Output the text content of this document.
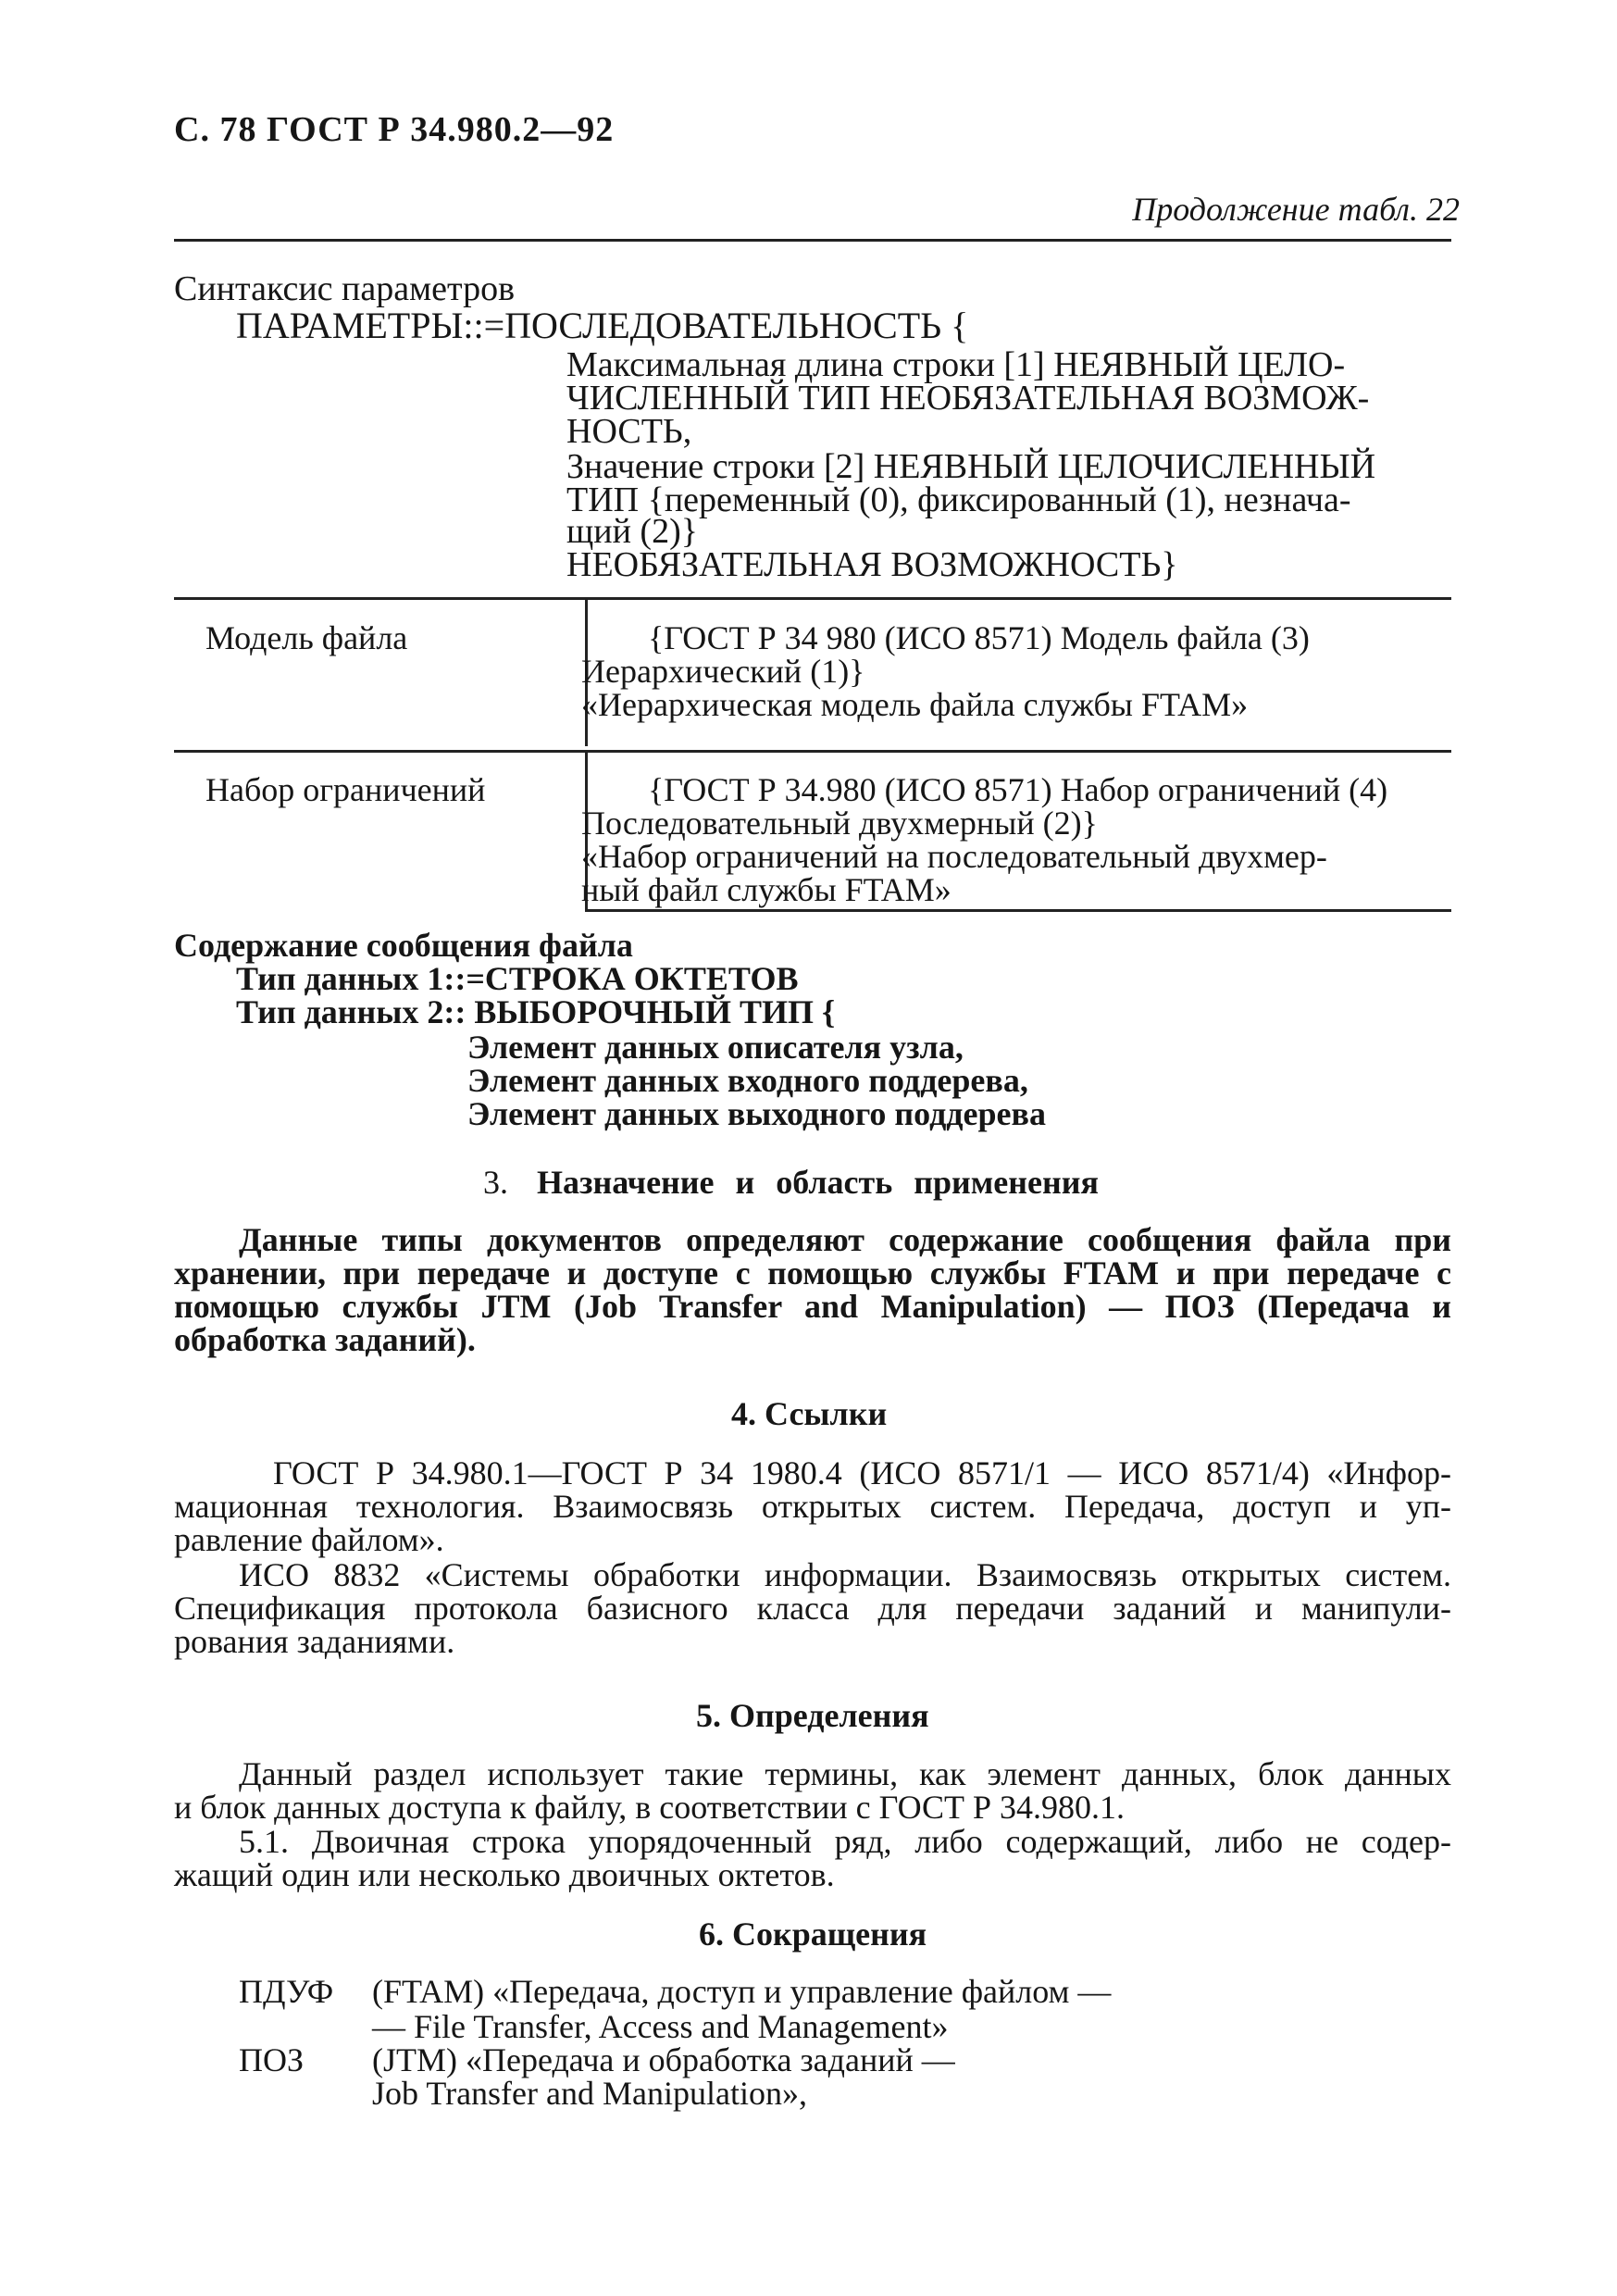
С. 78 ГОСТ Р 34.980.2—92
Продолжение табл. 22
Синтаксис параметров
ПАРАМЕТРЫ::=ПОСЛЕДОВАТЕЛЬНОСТЬ {
Максимальная длина строки [1] НЕЯВНЫЙ ЦЕЛО-
ЧИСЛЕННЫЙ ТИП НЕОБЯЗАТЕЛЬНАЯ ВОЗМОЖ-
НОСТЬ,
Значение строки [2] НЕЯВНЫЙ ЦЕЛОЧИСЛЕННЫЙ
ТИП {переменный (0), фиксированный (1), незнача-
щий (2)}
НЕОБЯЗАТЕЛЬНАЯ ВОЗМОЖНОСТЬ}
Модель файла	{ГОСТ Р 34 980 (ИСО 8571) Модель файла (3)
Иерархический (1)}
«Иерархическая модель файла службы FTAM»
Набор ограничений	{ГОСТ Р 34.980 (ИСО 8571) Набор ограничений (4)
Последовательный двухмерный (2)}
«Набор ограничений на последовательный двухмер-
ный файл службы FTAM»
Содержание сообщения файла
Тип данных 1::=СТРОКА ОКТЕТОВ
Тип данных 2:: ВЫБОРОЧНЫЙ ТИП {
Элемент данных описателя узла,
Элемент данных входного поддерева,
Элемент данных выходного поддерева
3. Назначение и область применения
Данные типы документов определяют содержание сообщения файла при
хранении, при передаче и доступе с помощью службы FTAM и при передаче с
помощью службы JTM (Job Transfer and Manipulation) — ПОЗ (Передача и
обработка заданий).
4. Ссылки
ГОСТ Р 34.980.1—ГОСТ Р 34 1980.4 (ИСО 8571/1 — ИСО 8571/4) «Инфор-
мационная технология. Взаимосвязь открытых систем. Передача, доступ и уп-
равление файлом».
ИСО 8832 «Системы обработки информации. Взаимосвязь открытых систем.
Спецификация протокола базисного класса для передачи заданий и манипули-
рования заданиями.
5. Определения
Данный раздел использует такие термины, как элемент данных, блок данных
и блок данных доступа к файлу, в соответствии с ГОСТ Р 34.980.1.
5.1. Двоичная строка упорядоченный ряд, либо содержащий, либо не содер-
жащий один или несколько двоичных октетов.
6. Сокращения
ПДУФ (FTAM) «Передача, доступ и управление файлом —
— File Transfer, Access and Management»
ПОЗ (JTM) «Передача и обработка заданий —
Job Transfer and Manipulation»,
